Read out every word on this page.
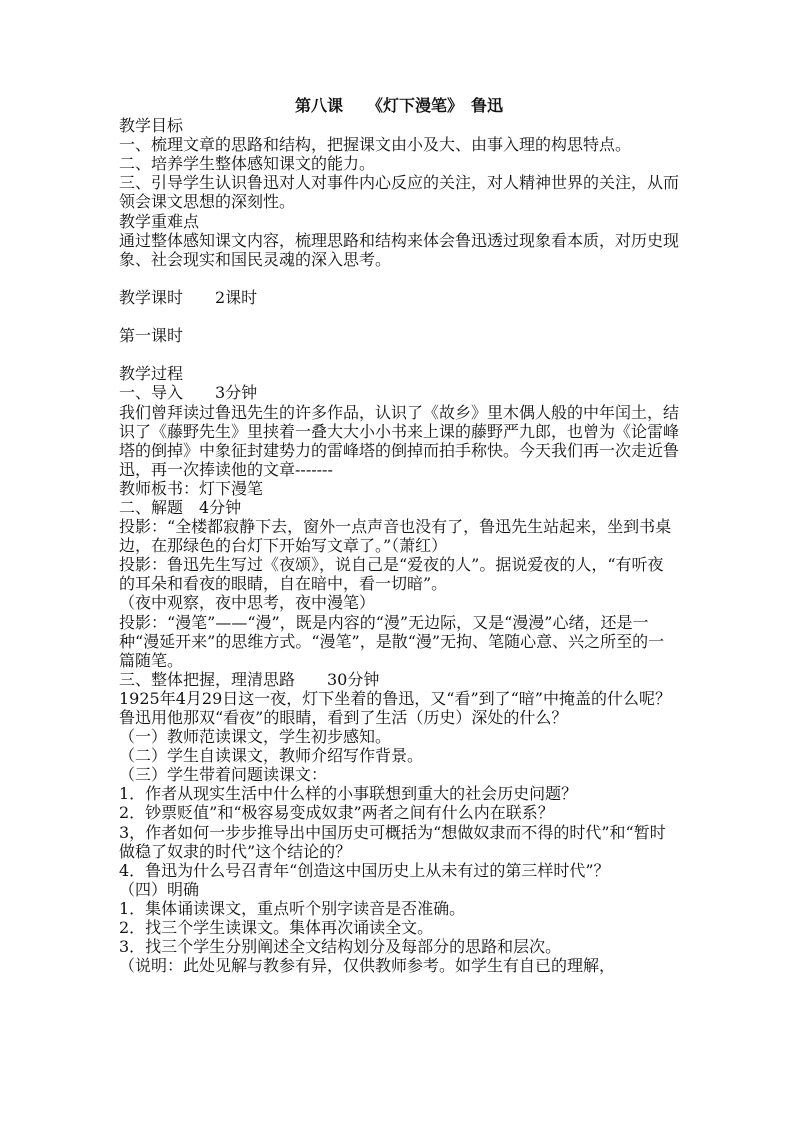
第八课　　《灯下漫笔》　鲁迅

教学目标

一、梳理文章的思路和结构，把握课文由小及大、由事入理的构思特点。

二、培养学生整体感知课文的能力。

三、引导学生认识鲁迅对人对事件内心反应的关注，对人精神世界的关注，从而领会课文思想的深刻性。

教学重难点

通过整体感知课文内容，梳理思路和结构来体会鲁迅透过现象看本质，对历史现象、社会现实和国民灵魂的深入思考。

教学课时　　2课时

第一课时

教学过程

一、导入　　3分钟

我们曾拜读过鲁迅先生的许多作品，认识了《故乡》里木偶人般的中年闰土，结识了《藤野先生》里挟着一叠大大小小书来上课的藤野严九郎，也曾为《论雷峰塔的倒掉》中象征封建势力的雷峰塔的倒掉而拍手称快。今天我们再一次走近鲁迅，再一次捧读他的文章-------

教师板书：灯下漫笔

二、解题　4分钟

投影：“全楼都寂静下去，窗外一点声音也没有了，鲁迅先生站起来，坐到书桌边，在那绿色的台灯下开始写文章了。”（萧红）

投影：鲁迅先生写过《夜颂》，说自己是“爱夜的人”。据说爱夜的人，“有听夜的耳朵和看夜的眼睛，自在暗中，看一切暗”。

（夜中观察，夜中思考，夜中漫笔）

投影：“漫笔”——“漫”，既是内容的“漫”无边际，又是“漫漫”心绪，还是一种“漫延开来”的思维方式。“漫笔”，是散“漫”无拘、笔随心意、兴之所至的一篇随笔。

三、整体把握，理清思路　　30分钟

1925年4月29日这一夜，灯下坐着的鲁迅，又“看”到了“暗”中掩盖的什么呢？鲁迅用他那双“看夜”的眼睛，看到了生活（历史）深处的什么？

（一）教师范读课文，学生初步感知。

（二）学生自读课文，教师介绍写作背景。

（三）学生带着问题读课文：

1．作者从现实生活中什么样的小事联想到重大的社会历史问题？

2．钞票贬值”和“极容易变成奴隶”两者之间有什么内在联系？

3，作者如何一步步推导出中国历史可概括为“想做奴隶而不得的时代”和“暂时做稳了奴隶的时代”这个结论的？

4．鲁迅为什么号召青年“创造这中国历史上从未有过的第三样时代”？

（四）明确

1．集体诵读课文，重点听个别字读音是否准确。

2．找三个学生读课文。集体再次诵读全文。

3．找三个学生分别阐述全文结构划分及每部分的思路和层次。

（说明：此处见解与教参有异，仅供教师参考。如学生有自已的理解，
